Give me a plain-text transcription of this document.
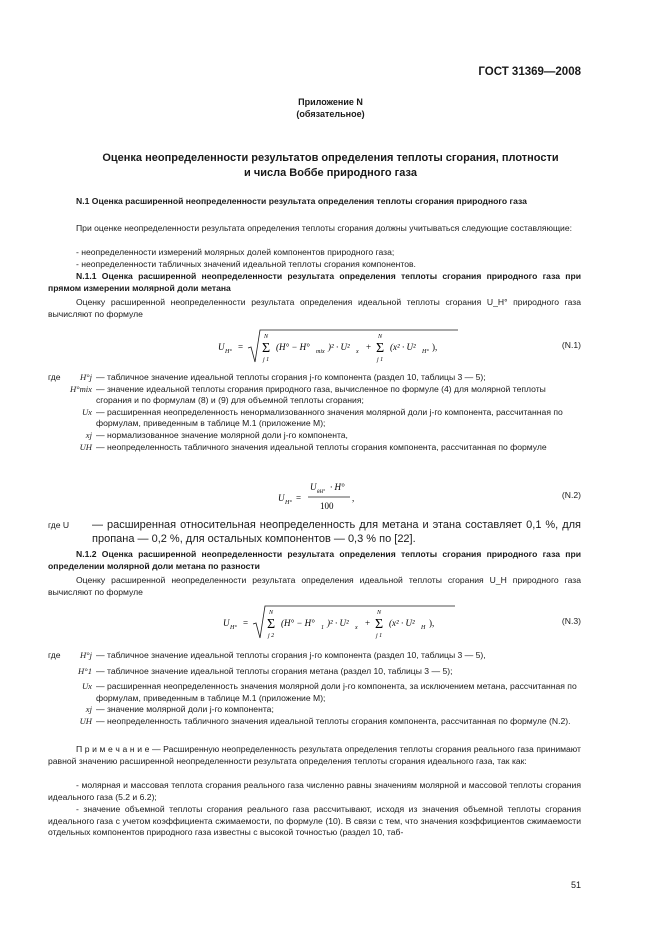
ГОСТ 31369—2008
Приложение N
(обязательное)
Оценка неопределенности результатов определения теплоты сгорания, плотности
и числа Воббе природного газа
N.1 Оценка расширенной неопределенности результата определения теплоты сгорания природного газа
При оценке неопределенности результата определения теплоты сгорания должны учитываться следующие составляющие:
- неопределенности измерений молярных долей компонентов природного газа;
- неопределенности табличных значений идеальной теплоты сгорания компонентов.
N.1.1 Оценка расширенной неопределенности результата определения теплоты сгорания природного газа при прямом измерении молярной доли метана
Оценку расширенной неопределенности результата определения идеальной теплоты сгорания U_H° природного газа вычисляют по формуле
U H° =
N
Σ
j 1
(H° − H° mix )² · U² x +
N
Σ
j 1
(x² · U² H° ),	(N.1)
где	H°j — табличное значение идеальной теплоты сгорания j-го компонента (раздел 10, таблицы 3 — 5);
H°mix — значение идеальной теплоты сгорания природного газа, вычисленное по формуле (4) для молярной теплоты сгорания и по формулам (8) и (9) для объемной теплоты сгорания;
Ux — расширенная неопределенность ненормализованного значения молярной доли j-го компонента, рассчитанная по формулам, приведенным в таблице M.1 (приложение M);
xj — нормализованное значение молярной доли j-го компонента,
UH — неопределенность табличного значения идеальной теплоты сгорания компонента, рассчитанная по формуле
U H° =
U
θH°
· H°
100
,	(N.2)
где U — расширенная относительная неопределенность для метана и этана составляет 0,1 %, для пропана — 0,2 %, для остальных компонентов — 0,3 % по [22].
N.1.2 Оценка расширенной неопределенности результата определения теплоты сгорания природного газа при определении молярной доли метана по разности
Оценку расширенной неопределенности результата определения идеальной теплоты сгорания U_H природного газа вычисляют по формуле
U H° =
N
Σ
j 2
(H° − H° 1 )² · U² x +
N
Σ
j 1
(x² · U² H ),	(N.3)
где	H°j — табличное значение идеальной теплоты сгорания j-го компонента (раздел 10, таблицы 3 — 5),
H°1 — табличное значение идеальной теплоты сгорания метана (раздел 10, таблицы 3 — 5);
Ux — расширенная неопределенность значения молярной доли j-го компонента, за исключением метана, рассчитанная по формулам, приведенным в таблице M.1 (приложение M);
xj — значение молярной доли j-го компонента;
UH — неопределенность табличного значения идеальной теплоты сгорания компонента, рассчитанная по формуле (N.2).
П р и м е ч а н и е — Расширенную неопределенность результата определения теплоты сгорания реального газа принимают равной значению расширенной неопределенности результата определения теплоты сгорания идеального газа, так как:
- молярная и массовая теплота сгорания реального газа численно равны значениям молярной и массовой теплоты сгорания идеального газа (5.2 и 6.2);
- значение объемной теплоты сгорания реального газа рассчитывают, исходя из значения объемной теплоты сгорания идеального газа с учетом коэффициента сжимаемости, по формуле (10). В связи с тем, что значения коэффициентов сжимаемости отдельных компонентов природного газа известны с высокой точностью (раздел 10, таб-
51
